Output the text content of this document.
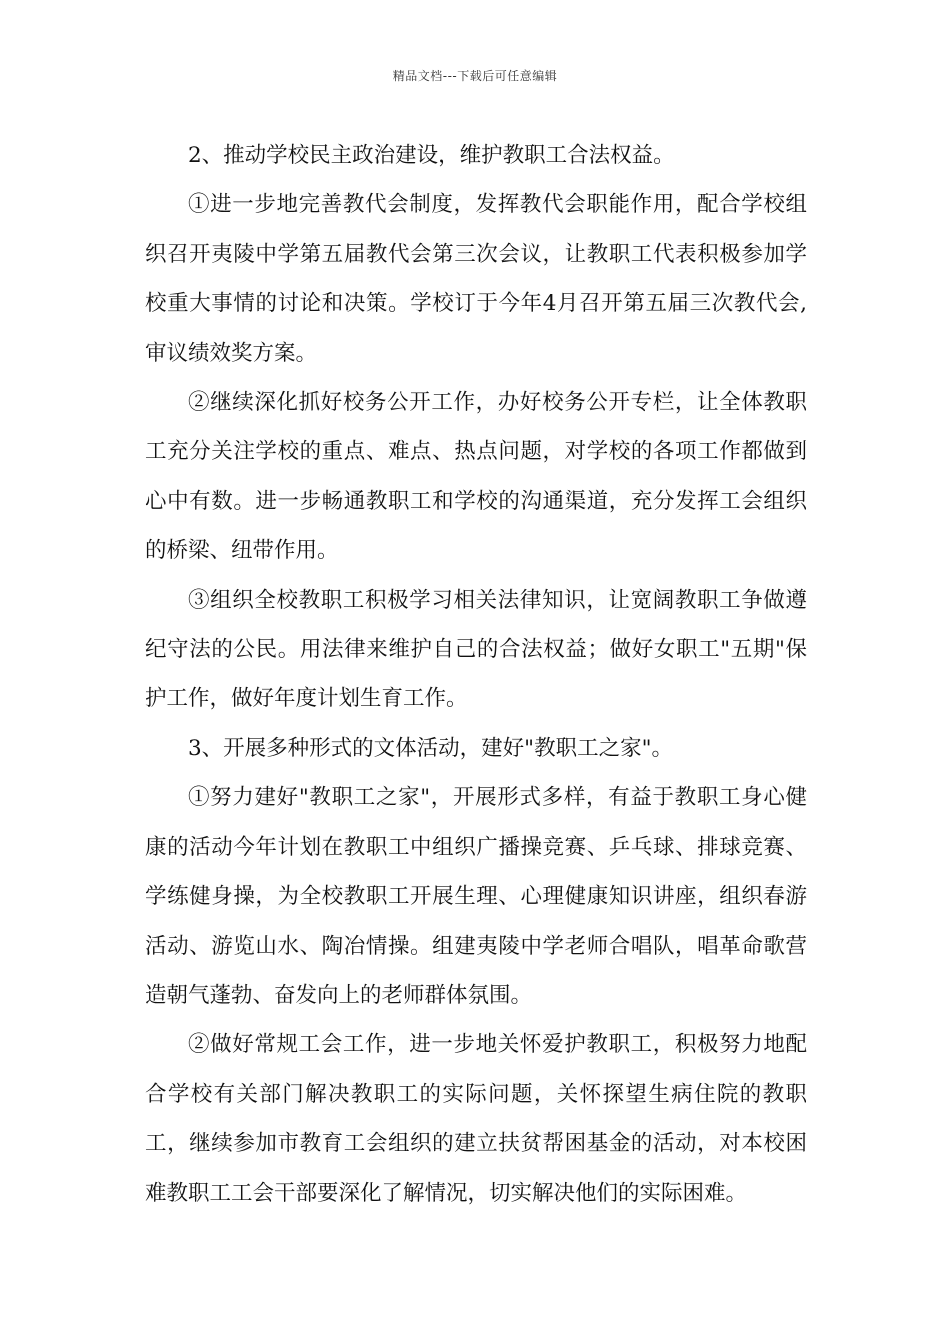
精品文档---下载后可任意编辑

2、推动学校民主政治建设，维护教职工合法权益。

①进一步地完善教代会制度，发挥教代会职能作用，配合学校组织召开夷陵中学第五届教代会第三次会议，让教职工代表积极参加学校重大事情的讨论和决策。学校订于今年4月召开第五届三次教代会,审议绩效奖方案。

②继续深化抓好校务公开工作，办好校务公开专栏，让全体教职工充分关注学校的重点、难点、热点问题，对学校的各项工作都做到心中有数。进一步畅通教职工和学校的沟通渠道，充分发挥工会组织的桥梁、纽带作用。

③组织全校教职工积极学习相关法律知识，让宽阔教职工争做遵纪守法的公民。用法律来维护自己的合法权益；做好女职工"五期"保护工作，做好年度计划生育工作。

3、开展多种形式的文体活动，建好"教职工之家"。

①努力建好"教职工之家"，开展形式多样，有益于教职工身心健康的活动今年计划在教职工中组织广播操竞赛、乒乓球、排球竞赛、学练健身操，为全校教职工开展生理、心理健康知识讲座，组织春游活动、游览山水、陶冶情操。组建夷陵中学老师合唱队，唱革命歌营造朝气蓬勃、奋发向上的老师群体氛围。

②做好常规工会工作，进一步地关怀爱护教职工，积极努力地配合学校有关部门解决教职工的实际问题，关怀探望生病住院的教职工，继续参加市教育工会组织的建立扶贫帮困基金的活动，对本校困难教职工工会干部要深化了解情况，切实解决他们的实际困难。
